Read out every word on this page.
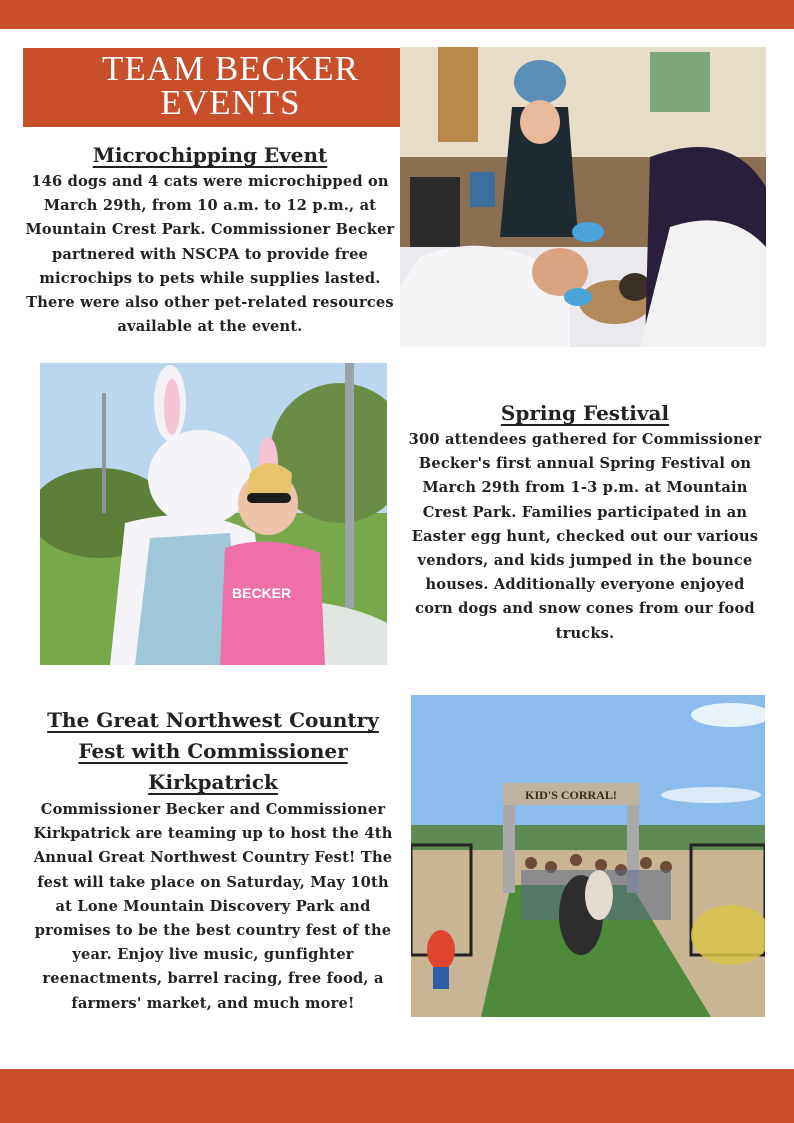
TEAM BECKER
EVENTS
Microchipping Event
146 dogs and 4 cats were microchipped on March 29th, from 10 a.m. to 12 p.m., at Mountain Crest Park. Commissioner Becker partnered with NSCPA to provide free microchips to pets while supplies lasted. There were also other pet-related resources available at the event.
BECKER
Spring Festival
300 attendees gathered for Commissioner Becker's first annual Spring Festival on March 29th from 1-3 p.m. at Mountain Crest Park. Families participated in an Easter egg hunt, checked out our various vendors, and kids jumped in the bounce houses. Additionally everyone enjoyed corn dogs and snow cones from our food trucks.
The Great Northwest Country Fest with Commissioner Kirkpatrick
Commissioner Becker and Commissioner Kirkpatrick are teaming up to host the 4th Annual Great Northwest Country Fest! The fest will take place on Saturday, May 10th at Lone Mountain Discovery Park and promises to be the best country fest of the year. Enjoy live music, gunfighter reenactments, barrel racing, free food, a farmers' market, and much more!
KID'S CORRAL!
